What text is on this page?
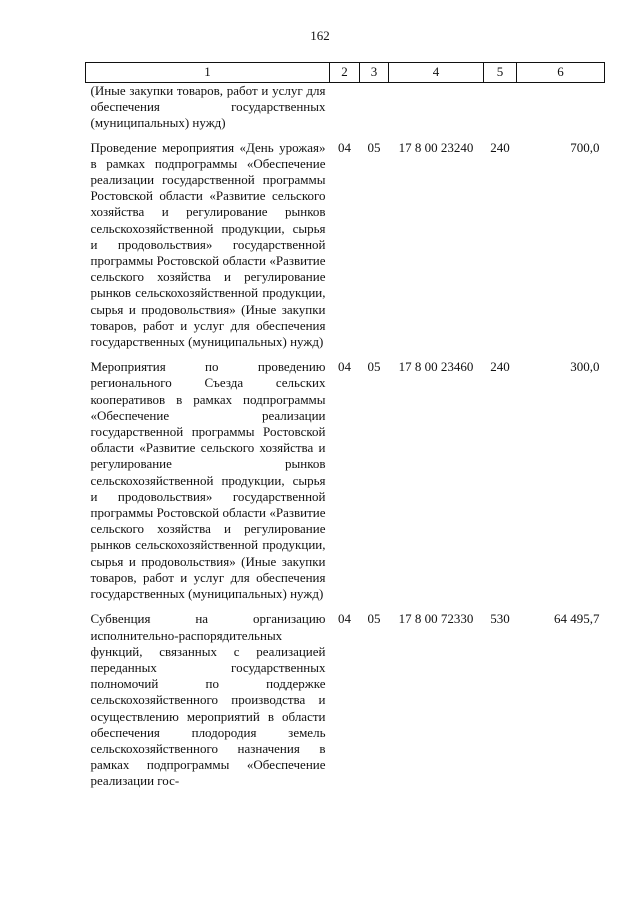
162
1	2	3	4	5	6
(Иные закупки товаров, работ и услуг для обеспечения государственных (муниципальных) нужд)					
Проведение мероприятия «День урожая» в рамках подпрограммы «Обеспечение реализации государственной программы Ростовской области «Развитие сельского хозяйства и регулирование рынков сельскохозяйственной продукции, сырья и продовольствия» государственной программы Ростовской области «Развитие сельского хозяйства и регулирование рынков сельскохозяйственной продукции, сырья и продовольствия» (Иные закупки товаров, работ и услуг для обеспечения государственных (муниципальных) нужд)	04	05	17 8 00 23240	240	700,0
Мероприятия по проведению регионального Съезда сельских кооперативов в рамках подпрограммы «Обеспечение реализации государственной программы Ростовской области «Развитие сельского хозяйства и регулирование рынков сельскохозяйственной продукции, сырья и продовольствия» государственной программы Ростовской области «Развитие сельского хозяйства и регулирование рынков сельскохозяйственной продукции, сырья и продовольствия» (Иные закупки товаров, работ и услуг для обеспечения государственных (муниципальных) нужд)	04	05	17 8 00 23460	240	300,0
Субвенция на организацию исполнительно-распорядительных функций, связанных с реализацией переданных государственных полномочий по поддержке сельскохозяйственного производства и осуществлению мероприятий в области обеспечения плодородия земель сельскохозяйственного назначения в рамках подпрограммы «Обеспечение реализации гос-	04	05	17 8 00 72330	530	64 495,7
